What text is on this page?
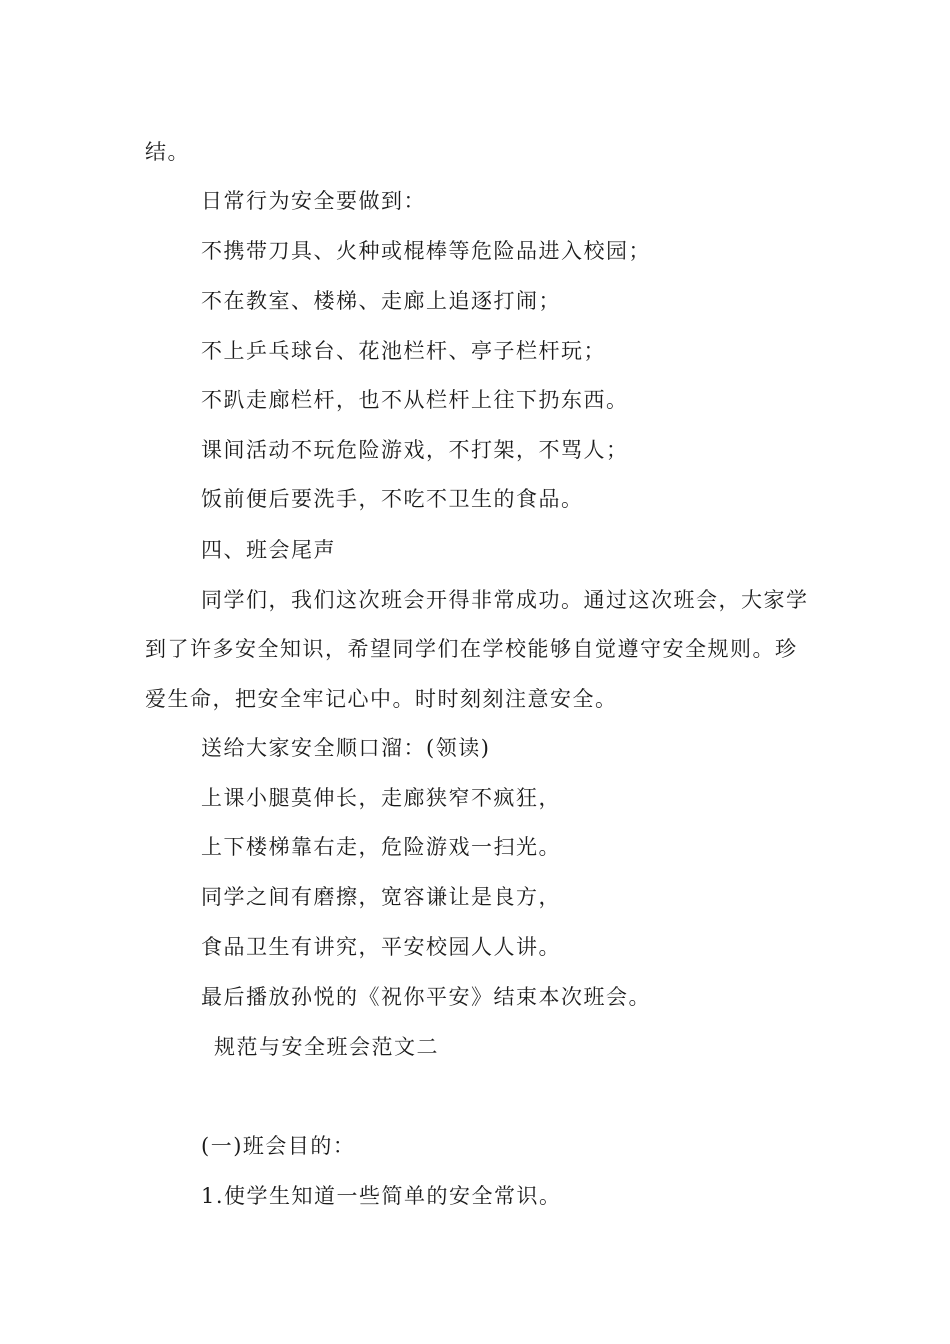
结。
日常行为安全要做到：
不携带刀具、火种或棍棒等危险品进入校园；
不在教室、楼梯、走廊上追逐打闹；
不上乒乓球台、花池栏杆、亭子栏杆玩；
不趴走廊栏杆，也不从栏杆上往下扔东西。
课间活动不玩危险游戏，不打架，不骂人；
饭前便后要洗手，不吃不卫生的食品。
四、班会尾声
同学们，我们这次班会开得非常成功。通过这次班会，大家学
到了许多安全知识，希望同学们在学校能够自觉遵守安全规则。珍
爱生命，把安全牢记心中。时时刻刻注意安全。
送给大家安全顺口溜：(领读)
上课小腿莫伸长，走廊狭窄不疯狂，
上下楼梯靠右走，危险游戏一扫光。
同学之间有磨擦，宽容谦让是良方，
食品卫生有讲究，平安校园人人讲。
最后播放孙悦的《祝你平安》结束本次班会。
规范与安全班会范文二
(一)班会目的：
1.使学生知道一些简单的安全常识。
